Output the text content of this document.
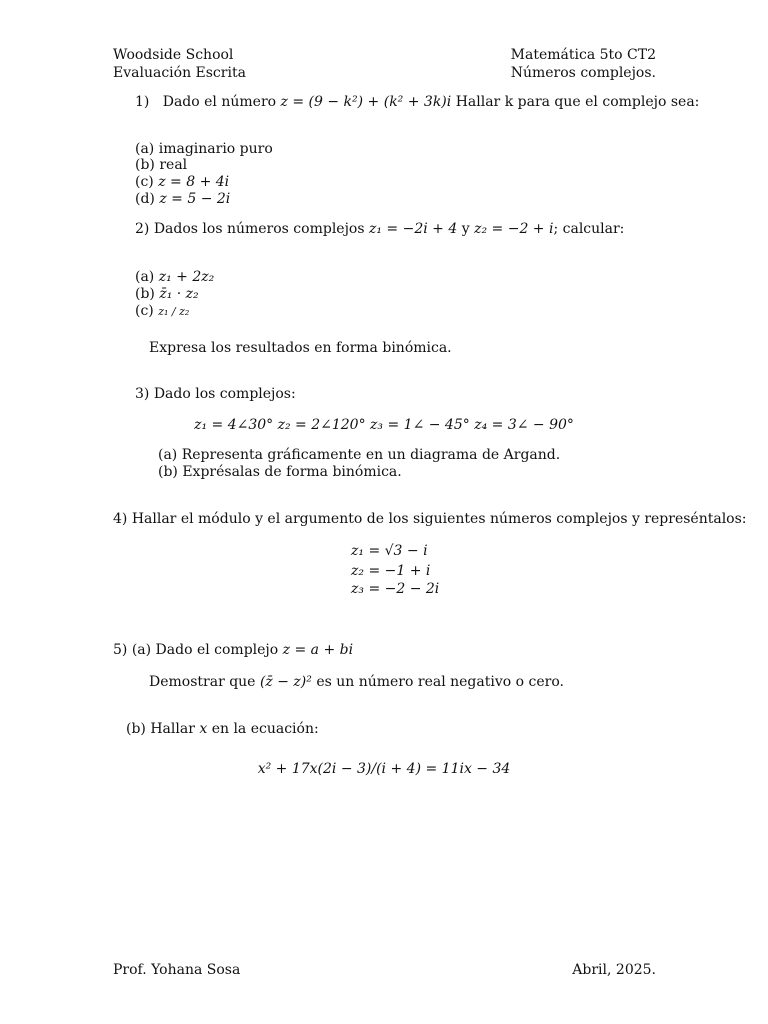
Woodside School
Evaluación Escrita
Matemática 5to CT2
Números complejos.
1) Dado el número z = (9 − k²) + (k² + 3k)i Hallar k para que el complejo sea:
(a) imaginario puro
(b) real
(c) z = 8 + 4i
(d) z = 5 − 2i
2) Dados los números complejos z₁ = −2i + 4 y z₂ = −2 + i; calcular:
(a) z₁ + 2z₂
(b) z̄₁ · z₂
(c) z₁ / z₂
Expresa los resultados en forma binómica.
3) Dado los complejos:
z₁ = 4∠30° z₂ = 2∠120° z₃ = 1∠ − 45° z₄ = 3∠ − 90°
(a) Representa gráficamente en un diagrama de Argand.
(b) Exprésalas de forma binómica.
4) Hallar el módulo y el argumento de los siguientes números complejos y represéntalos:
z₁ = √3 − i
z₂ = −1 + i
z₃ = −2 − 2i
5) (a) Dado el complejo z = a + bi
Demostrar que (z̄ − z)² es un número real negativo o cero.
(b) Hallar x en la ecuación:
x² + 17x(2i − 3)/(i + 4) = 11ix − 34
Prof. Yohana Sosa	Abril, 2025.
